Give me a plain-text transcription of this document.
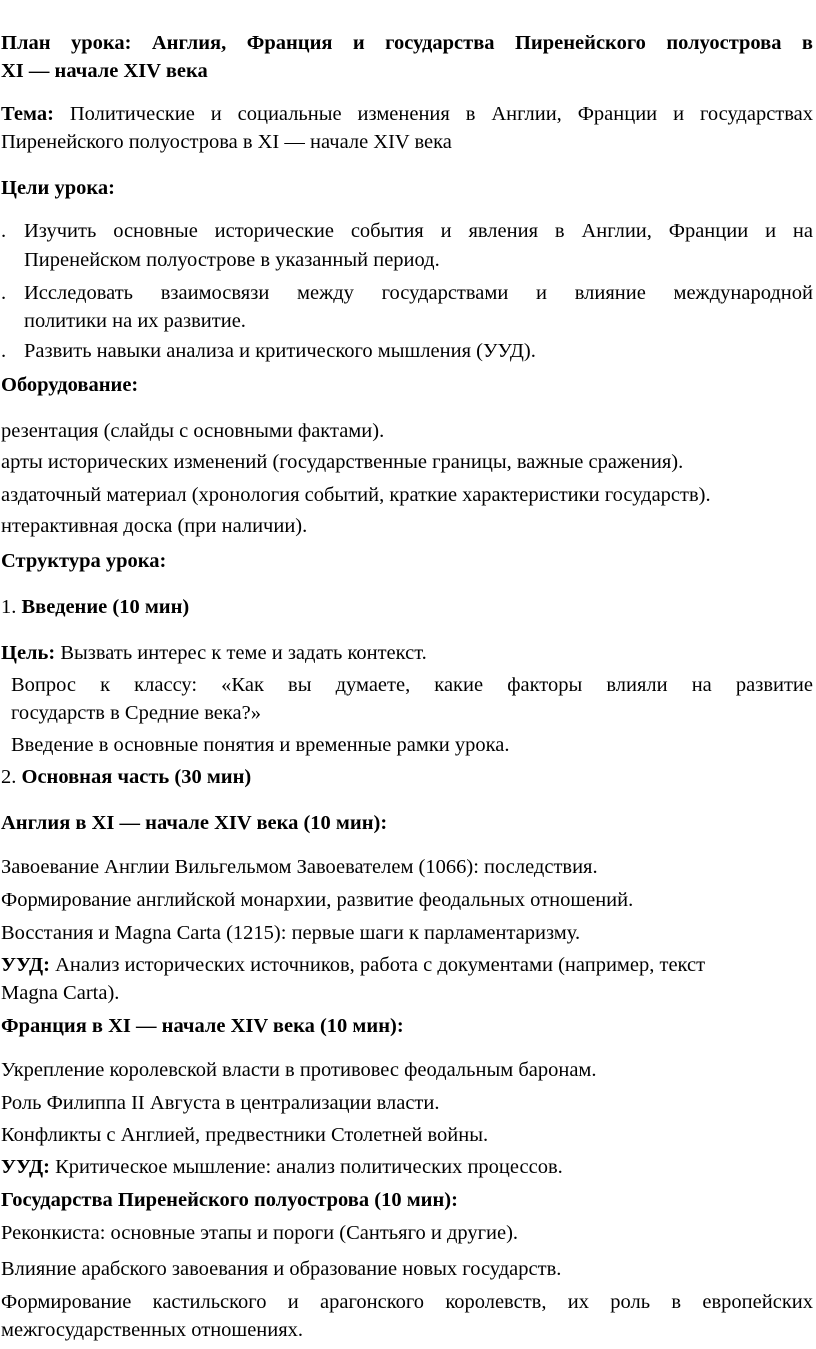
План урока: Англия, Франция и государства Пиренейского полуострова в
XI — начале XIV века
Тема: Политические и социальные изменения в Англии, Франции и государствах
Пиренейского полуострова в XI — начале XIV века
Цели урока:
. Изучить основные исторические события и явления в Англии, Франции и на
Пиренейском полуострове в указанный период.
. Исследовать взаимосвязи между государствами и влияние международной
политики на их развитие.
. Развить навыки анализа и критического мышления (УУД).
Оборудование:
резентация (слайды с основными фактами).
арты исторических изменений (государственные границы, важные сражения).
аздаточный материал (хронология событий, краткие характеристики государств).
нтерактивная доска (при наличии).
Структура урока:
1. Введение (10 мин)
Цель: Вызвать интерес к теме и задать контекст.
Вопрос к классу: «Как вы думаете, какие факторы влияли на развитие
государств в Средние века?»
Введение в основные понятия и временные рамки урока.
2. Основная часть (30 мин)
Англия в XI — начале XIV века (10 мин):
Завоевание Англии Вильгельмом Завоевателем (1066): последствия.
Формирование английской монархии, развитие феодальных отношений.
Восстания и Magna Carta (1215): первые шаги к парламентаризму.
УУД: Анализ исторических источников, работа с документами (например, текст
Magna Carta).
Франция в XI — начале XIV века (10 мин):
Укрепление королевской власти в противовес феодальным баронам.
Роль Филиппа II Августа в централизации власти.
Конфликты с Англией, предвестники Столетней войны.
УУД: Критическое мышление: анализ политических процессов.
Государства Пиренейского полуострова (10 мин):
Реконкиста: основные этапы и пороги (Сантьяго и другие).
Влияние арабского завоевания и образование новых государств.
Формирование кастильского и арагонского королевств, их роль в европейских
межгосударственных отношениях.
